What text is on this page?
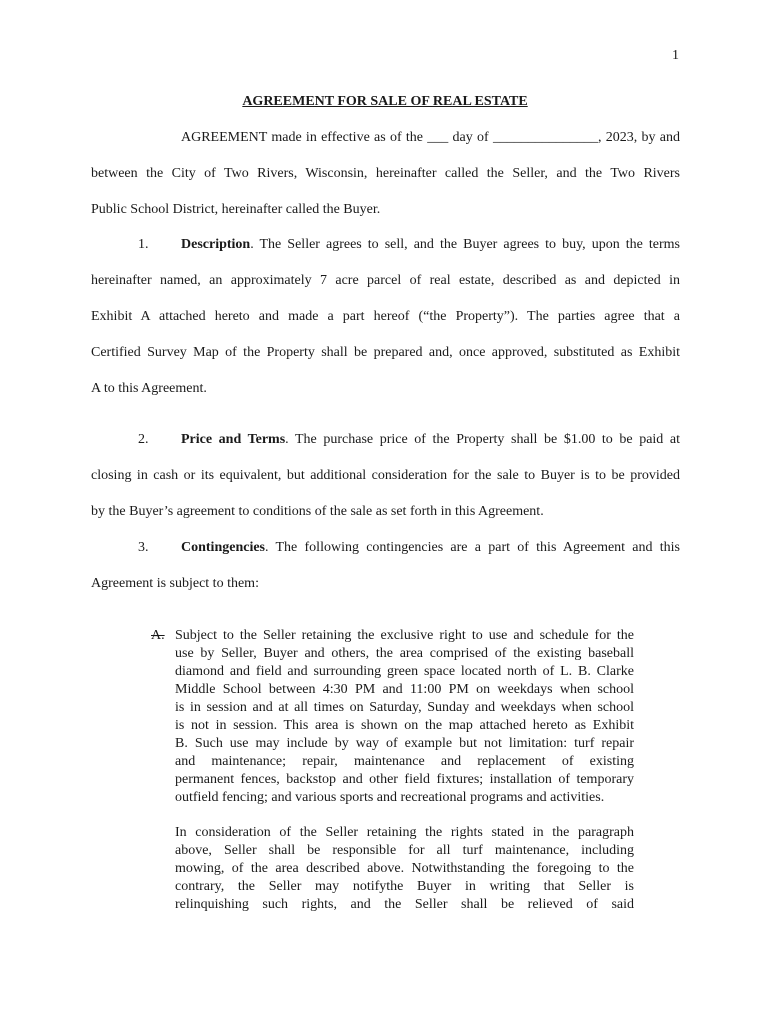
1
AGREEMENT FOR SALE OF REAL ESTATE
AGREEMENT made in effective as of the ___ day of _______________, 2023, by and
between the City of Two Rivers, Wisconsin, hereinafter called the Seller, and the Two Rivers
Public School District, hereinafter called the Buyer.
1. Description. The Seller agrees to sell, and the Buyer agrees to buy, upon the terms
hereinafter named, an approximately 7 acre parcel of real estate, described as and depicted in
Exhibit A attached hereto and made a part hereof (“the Property”). The parties agree that a
Certified Survey Map of the Property shall be prepared and, once approved, substituted as Exhibit
A to this Agreement.
2. Price and Terms. The purchase price of the Property shall be $1.00 to be paid at
closing in cash or its equivalent, but additional consideration for the sale to Buyer is to be provided
by the Buyer’s agreement to conditions of the sale as set forth in this Agreement.
3. Contingencies. The following contingencies are a part of this Agreement and this
Agreement is subject to them:
A. Subject to the Seller retaining the exclusive right to use and schedule for the
use by Seller, Buyer and others, the area comprised of the existing baseball
diamond and field and surrounding green space located north of L. B. Clarke
Middle School between 4:30 PM and 11:00 PM on weekdays when school
is in session and at all times on Saturday, Sunday and weekdays when school
is not in session. This area is shown on the map attached hereto as Exhibit
B. Such use may include by way of example but not limitation: turf repair
and maintenance; repair, maintenance and replacement of existing
permanent fences, backstop and other field fixtures; installation of temporary
outfield fencing; and various sports and recreational programs and activities.
In consideration of the Seller retaining the rights stated in the paragraph
above, Seller shall be responsible for all turf maintenance, including
mowing, of the area described above. Notwithstanding the foregoing to the
contrary, the Seller may notifythe Buyer in writing that Seller is
relinquishing such rights, and the Seller shall be relieved of said
